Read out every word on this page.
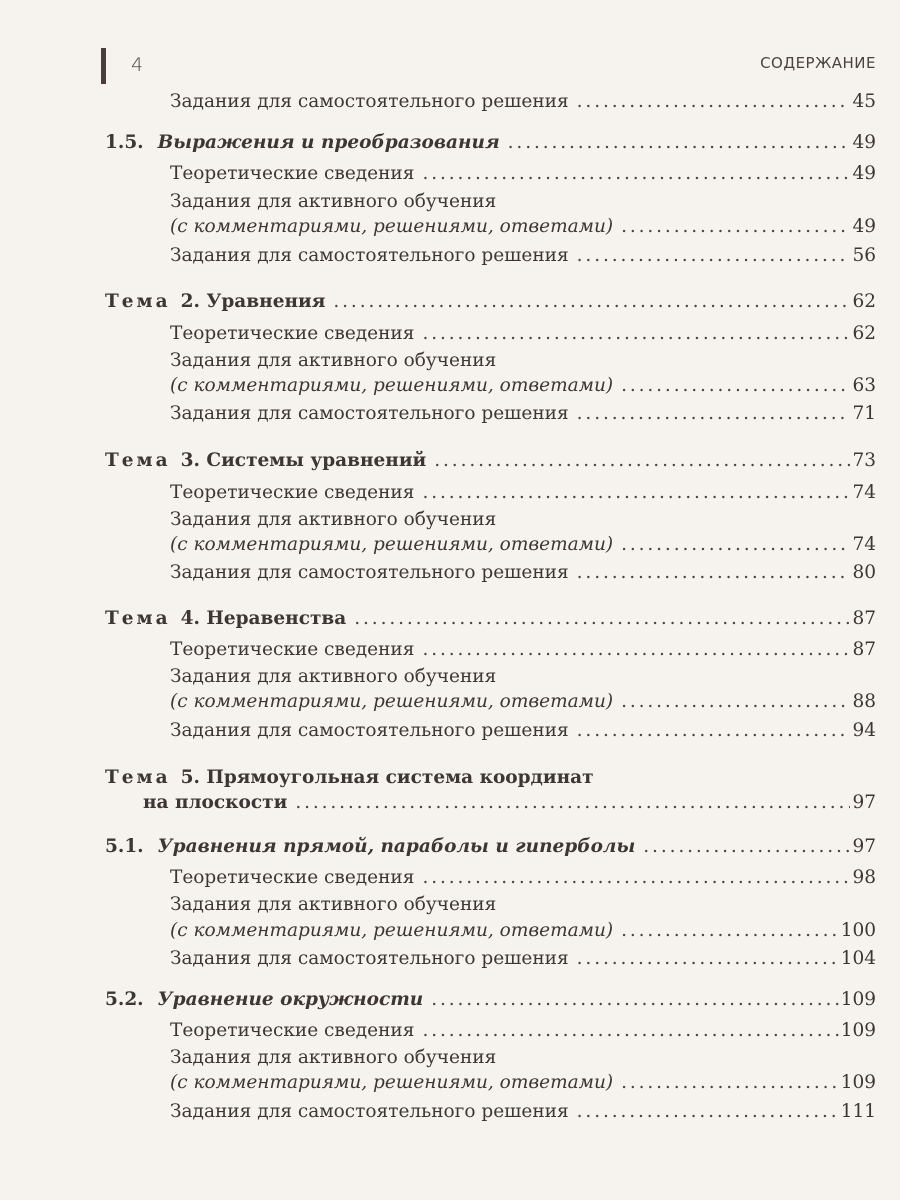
4	СОДЕРЖАНИЕ
Задания для самостоятельного решения . . .	45
1.5. Выражения и преобразования . . .	49
Теоретические сведения . . .	49
Задания для активного обучения
(с комментариями, решениями, ответами) . . .	49
Задания для самостоятельного решения . . .	56
Тема 2. Уравнения . . .	62
Теоретические сведения . . .	62
Задания для активного обучения
(с комментариями, решениями, ответами) . . .	63
Задания для самостоятельного решения . . .	71
Тема 3. Системы уравнений . . .	73
Теоретические сведения . . .	74
Задания для активного обучения
(с комментариями, решениями, ответами) . . .	74
Задания для самостоятельного решения . . .	80
Тема 4. Неравенства . . .	87
Теоретические сведения . . .	87
Задания для активного обучения
(с комментариями, решениями, ответами) . . .	88
Задания для самостоятельного решения . . .	94
Тема 5. Прямоугольная система координат
на плоскости . . .	97
5.1. Уравнения прямой, параболы и гиперболы . . .	97
Теоретические сведения . . .	98
Задания для активного обучения
(с комментариями, решениями, ответами) . . .	100
Задания для самостоятельного решения . . .	104
5.2. Уравнение окружности . . .	109
Теоретические сведения . . .	109
Задания для активного обучения
(с комментариями, решениями, ответами) . . .	109
Задания для самостоятельного решения . . .	111
